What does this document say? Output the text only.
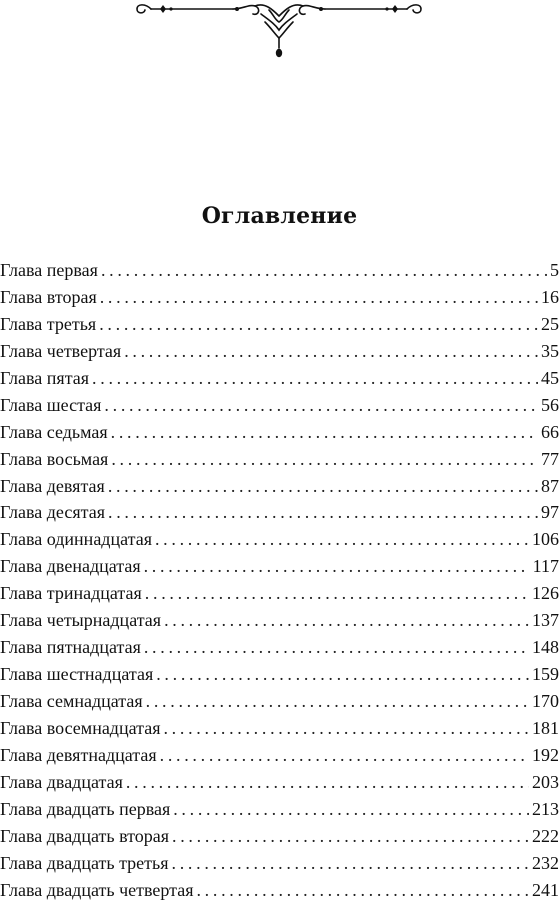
Оглавление
Глава первая . . .	5
Глава вторая . . .	16
Глава третья . . .	25
Глава четвертая . . .	35
Глава пятая . . .	45
Глава шестая . . .	56
Глава седьмая . . .	66
Глава восьмая . . .	77
Глава девятая . . .	87
Глава десятая . . .	97
Глава одиннадцатая . . .	106
Глава двенадцатая . . .	117
Глава тринадцатая . . .	126
Глава четырнадцатая . . .	137
Глава пятнадцатая . . .	148
Глава шестнадцатая . . .	159
Глава семнадцатая . . .	170
Глава восемнадцатая . . .	181
Глава девятнадцатая . . .	192
Глава двадцатая . . .	203
Глава двадцать первая . . .	213
Глава двадцать вторая . . .	222
Глава двадцать третья . . .	232
Глава двадцать четвертая . . .	241
